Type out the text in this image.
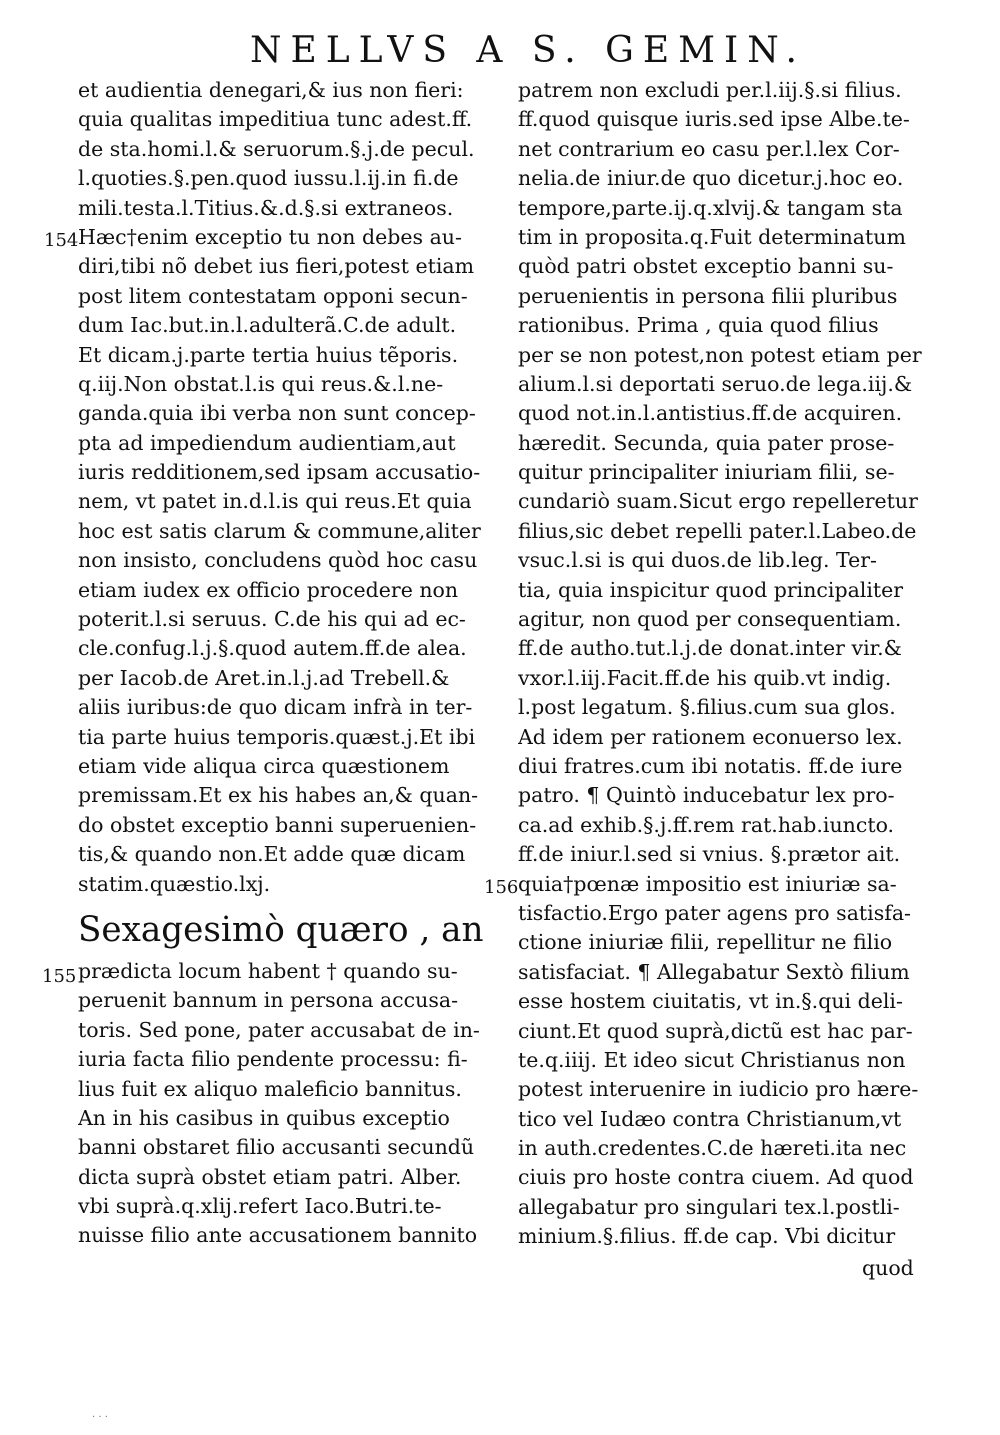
NELLVS A S. GEMIN.
154
155
156
et audientia denegari,& ius non fieri:
quia qualitas impeditiua tunc adest.ff.
de sta.homi.l.& seruorum.§.j.de pecul.
l.quoties.§.pen.quod iussu.l.ij.in fi.de
mili.testa.l.Titius.&.d.§.si extraneos.
Hæc†enim exceptio tu non debes au-
diri,tibi nõ debet ius fieri,potest etiam
post litem contestatam opponi secun-
dum Iac.but.in.l.adulterã.C.de adult.
Et dicam.j.parte tertia huius tẽporis.
q.iij.Non obstat.l.is qui reus.&.l.ne-
ganda.quia ibi verba non sunt concep-
pta ad impediendum audientiam,aut
iuris redditionem,sed ipsam accusatio-
nem, vt patet in.d.l.is qui reus.Et quia
hoc est satis clarum & commune,aliter
non insisto, concludens quòd hoc casu
etiam iudex ex officio procedere non
poterit.l.si seruus. C.de his qui ad ec-
cle.confug.l.j.§.quod autem.ff.de alea.
per Iacob.de Aret.in.l.j.ad Trebell.&
aliis iuribus:de quo dicam infrà in ter-
tia parte huius temporis.quæst.j.Et ibi
etiam vide aliqua circa quæstionem
premissam.Et ex his habes an,& quan-
do obstet exceptio banni superuenien-
tis,& quando non.Et adde quæ dicam
statim.quæstio.lxj.
Sexagesimò quæro , an
prædicta locum habent † quando su-
peruenit bannum in persona accusa-
toris. Sed pone, pater accusabat de in-
iuria facta filio pendente processu: fi-
lius fuit ex aliquo maleficio bannitus.
An in his casibus in quibus exceptio
banni obstaret filio accusanti secundũ
dicta suprà obstet etiam patri. Alber.
vbi suprà.q.xlij.refert Iaco.Butri.te-
nuisse filio ante accusationem bannito
patrem non excludi per.l.iij.§.si filius.
ff.quod quisque iuris.sed ipse Albe.te-
net contrarium eo casu per.l.lex Cor-
nelia.de iniur.de quo dicetur.j.hoc eo.
tempore,parte.ij.q.xlvij.& tangam sta
tim in proposita.q.Fuit determinatum
quòd patri obstet exceptio banni su-
peruenientis in persona filii pluribus
rationibus. Prima , quia quod filius
per se non potest,non potest etiam per
alium.l.si deportati seruo.de lega.iij.&
quod not.in.l.antistius.ff.de acquiren.
hæredit. Secunda, quia pater prose-
quitur principaliter iniuriam filii, se-
cundariò suam.Sicut ergo repelleretur
filius,sic debet repelli pater.l.Labeo.de
vsuc.l.si is qui duos.de lib.leg. Ter-
tia, quia inspicitur quod principaliter
agitur, non quod per consequentiam.
ff.de autho.tut.l.j.de donat.inter vir.&
vxor.l.iij.Facit.ff.de his quib.vt indig.
l.post legatum. §.filius.cum sua glos.
Ad idem per rationem econuerso lex.
diui fratres.cum ibi notatis. ff.de iure
patro. ¶ Quintò inducebatur lex pro-
ca.ad exhib.§.j.ff.rem rat.hab.iuncto.
ff.de iniur.l.sed si vnius. §.prætor ait.
quia†pœnæ impositio est iniuriæ sa-
tisfactio.Ergo pater agens pro satisfa-
ctione iniuriæ filii, repellitur ne filio
satisfaciat. ¶ Allegabatur Sextò filium
esse hostem ciuitatis, vt in.§.qui deli-
ciunt.Et quod suprà,dictũ est hac par-
te.q.iiij. Et ideo sicut Christianus non
potest interuenire in iudicio pro hære-
tico vel Iudæo contra Christianum,vt
in auth.credentes.C.de hæreti.ita nec
ciuis pro hoste contra ciuem. Ad quod
allegabatur pro singulari tex.l.postli-
minium.§.filius. ff.de cap. Vbi dicitur
quod
· · ·
